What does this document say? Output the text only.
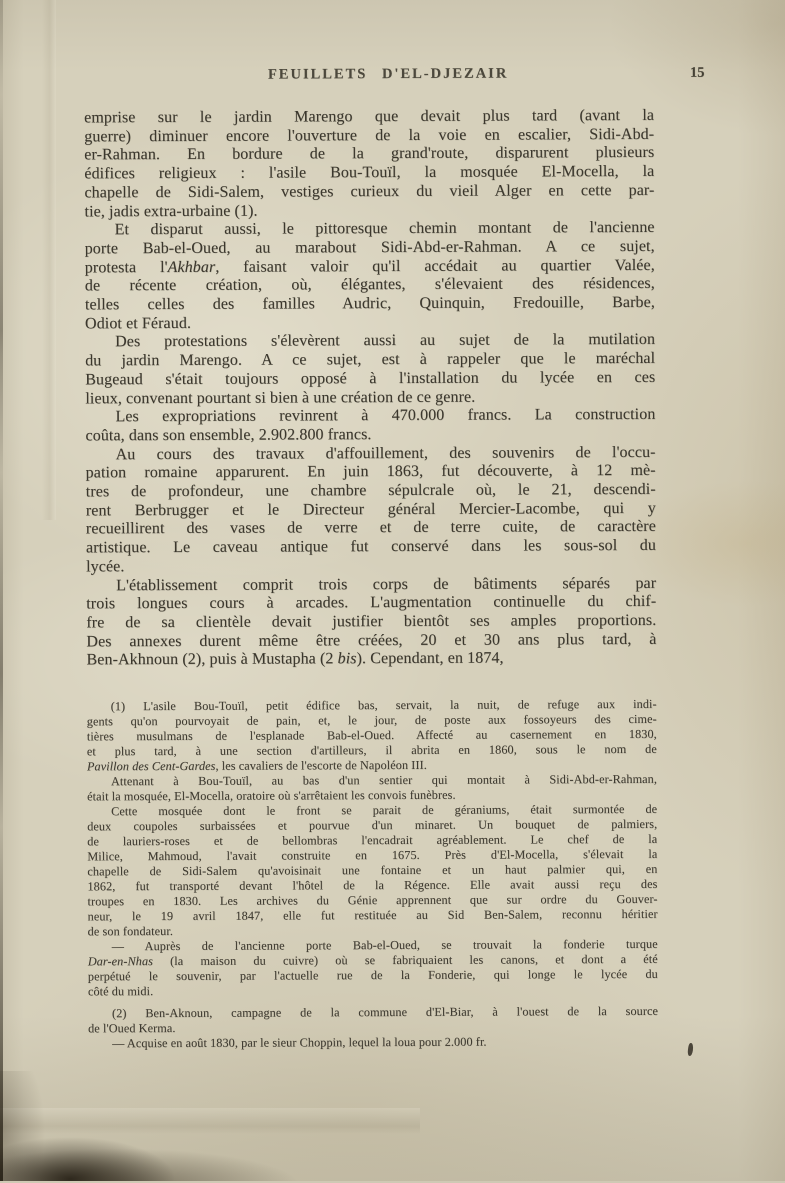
FEUILLETS D'EL-DJEZAIR	15
emprise sur le jardin Marengo que devait plus tard (avant la
guerre) diminuer encore l'ouverture de la voie en escalier, Sidi-Abd-
er-Rahman. En bordure de la grand'route, disparurent plusieurs
édifices religieux : l'asile Bou-Touïl, la mosquée El-Mocella, la
chapelle de Sidi-Salem, vestiges curieux du vieil Alger en cette par-
tie, jadis extra-urbaine (1).
Et disparut aussi, le pittoresque chemin montant de l'ancienne
porte Bab-el-Oued, au marabout Sidi-Abd-er-Rahman. A ce sujet,
protesta l'Akhbar, faisant valoir qu'il accédait au quartier Valée,
de récente création, où, élégantes, s'élevaient des résidences,
telles celles des familles Audric, Quinquin, Fredouille, Barbe,
Odiot et Féraud.
Des protestations s'élevèrent aussi au sujet de la mutilation
du jardin Marengo. A ce sujet, est à rappeler que le maréchal
Bugeaud s'était toujours opposé à l'installation du lycée en ces
lieux, convenant pourtant si bien à une création de ce genre.
Les expropriations revinrent à 470.000 francs. La construction
coûta, dans son ensemble, 2.902.800 francs.
Au cours des travaux d'affouillement, des souvenirs de l'occu-
pation romaine apparurent. En juin 1863, fut découverte, à 12 mè-
tres de profondeur, une chambre sépulcrale où, le 21, descendi-
rent Berbrugger et le Directeur général Mercier-Lacombe, qui y
recueillirent des vases de verre et de terre cuite, de caractère
artistique. Le caveau antique fut conservé dans les sous-sol du
lycée.
L'établissement comprit trois corps de bâtiments séparés par
trois longues cours à arcades. L'augmentation continuelle du chif-
fre de sa clientèle devait justifier bientôt ses amples proportions.
Des annexes durent même être créées, 20 et 30 ans plus tard, à
Ben-Akhnoun (2), puis à Mustapha (2 bis). Cependant, en 1874,
(1) L'asile Bou-Touïl, petit édifice bas, servait, la nuit, de refuge aux indi-
gents qu'on pourvoyait de pain, et, le jour, de poste aux fossoyeurs des cime-
tières musulmans de l'esplanade Bab-el-Oued. Affecté au casernement en 1830,
et plus tard, à une section d'artilleurs, il abrita en 1860, sous le nom de
Pavillon des Cent-Gardes, les cavaliers de l'escorte de Napoléon III.
Attenant à Bou-Touïl, au bas d'un sentier qui montait à Sidi-Abd-er-Rahman,
était la mosquée, El-Mocella, oratoire où s'arrêtaient les convois funèbres.
Cette mosquée dont le front se parait de géraniums, était surmontée de
deux coupoles surbaissées et pourvue d'un minaret. Un bouquet de palmiers,
de lauriers-roses et de bellombras l'encadrait agréablement. Le chef de la
Milice, Mahmoud, l'avait construite en 1675. Près d'El-Mocella, s'élevait la
chapelle de Sidi-Salem qu'avoisinait une fontaine et un haut palmier qui, en
1862, fut transporté devant l'hôtel de la Régence. Elle avait aussi reçu des
troupes en 1830. Les archives du Génie apprennent que sur ordre du Gouver-
neur, le 19 avril 1847, elle fut restituée au Sid Ben-Salem, reconnu héritier
de son fondateur.
— Auprès de l'ancienne porte Bab-el-Oued, se trouvait la fonderie turque
Dar-en-Nhas (la maison du cuivre) où se fabriquaient les canons, et dont a été
perpétué le souvenir, par l'actuelle rue de la Fonderie, qui longe le lycée du
côté du midi.
(2) Ben-Aknoun, campagne de la commune d'El-Biar, à l'ouest de la source
de l'Oued Kerma.
— Acquise en août 1830, par le sieur Choppin, lequel la loua pour 2.000 fr.
